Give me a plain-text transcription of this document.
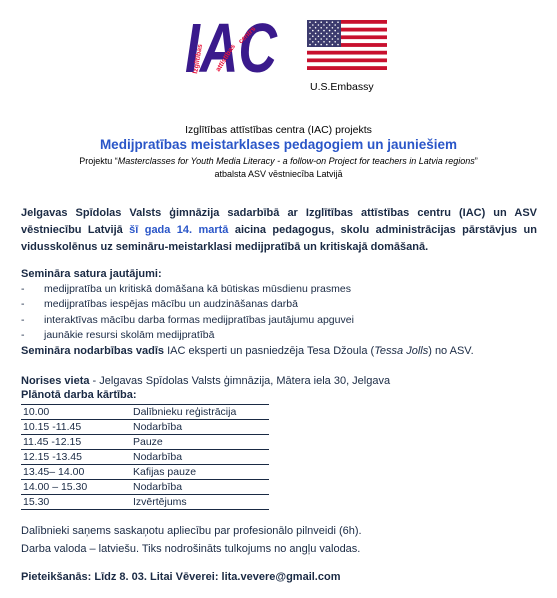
IAC
Izglītības attīstības
centrs
U.S.Embassy
Izglītības attīstības centra (IAC) projekts
Medijpratības meistarklases pedagogiem un jauniešiem
Projektu “Masterclasses for Youth Media Literacy - a follow-on Project for teachers in Latvia regions”
atbalsta ASV vēstniecība Latvijā
Jelgavas Spīdolas Valsts ģimnāzija sadarbībā ar Izglītības attīstības centru (IAC) un ASV vēstniecību Latvijā šī gada 14. martā aicina pedagogus, skolu administrācijas pārstāvjus un vidusskolēnus uz semināru-meistarklasi medijpratībā un kritiskajā domāšanā.
Semināra satura jautājumi:
- medijpratība un kritiskā domāšana kā būtiskas mūsdienu prasmes
- medijpratības iespējas mācību un audzināšanas darbā
- interaktīvas mācību darba formas medijpratības jautājumu apguvei
- jaunākie resursi skolām medijpratībā
Semināra nodarbības vadīs IAC eksperti un pasniedzēja Tesa Džoula (Tessa Jolls) no ASV.
Norises vieta - Jelgavas Spīdolas Valsts ģimnāzija, Mātera iela 30, Jelgava
Plānotā darba kārtība:
10.00	Dalībnieku reģistrācija
10.15 -11.45	Nodarbība
11.45 -12.15	Pauze
12.15 -13.45	Nodarbība
13.45– 14.00	Kafijas pauze
14.00 – 15.30	Nodarbība
15.30	Izvērtējums
Dalībnieki saņems saskaņotu apliecību par profesionālo pilnveidi (6h).
Darba valoda – latviešu. Tiks nodrošināts tulkojums no angļu valodas.
Pieteikšanās: Līdz 8. 03. Litai Vēverei: lita.vevere@gmail.com
